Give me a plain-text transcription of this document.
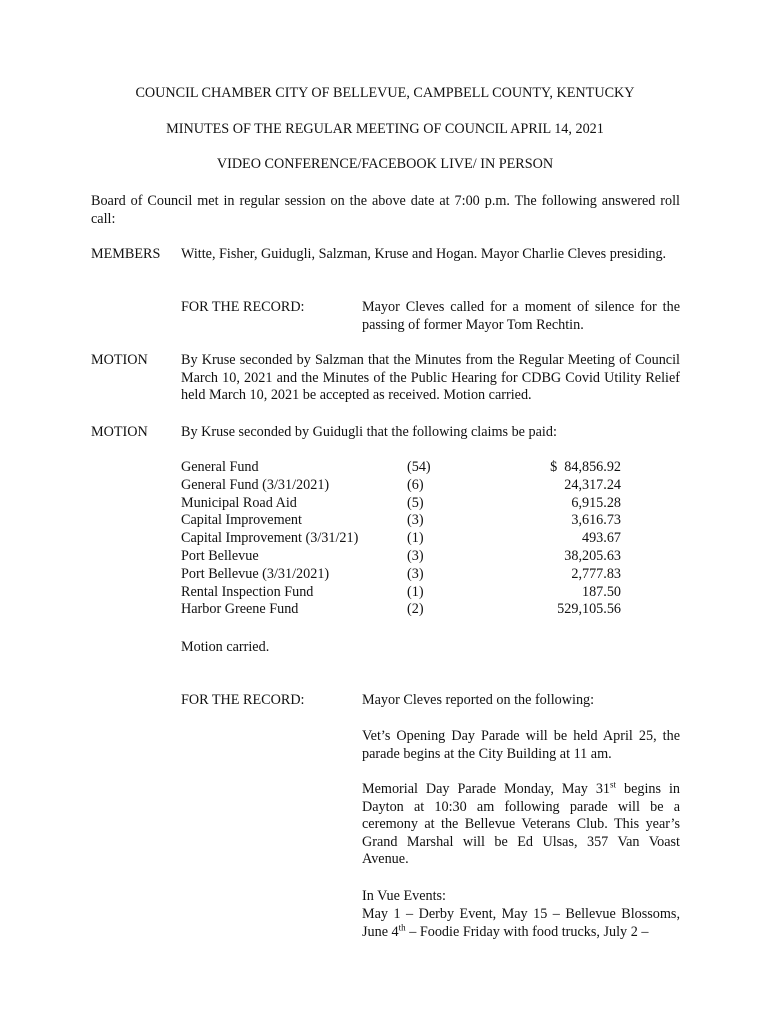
COUNCIL CHAMBER CITY OF BELLEVUE, CAMPBELL COUNTY, KENTUCKY
MINUTES OF THE REGULAR MEETING OF COUNCIL APRIL 14, 2021
VIDEO CONFERENCE/FACEBOOK LIVE/ IN PERSON
Board of Council met in regular session on the above date at 7:00 p.m. The following answered roll call:
MEMBERS Witte, Fisher, Guidugli, Salzman, Kruse and Hogan. Mayor Charlie Cleves presiding.
FOR THE RECORD:	Mayor Cleves called for a moment of silence for the passing of former Mayor Tom Rechtin.
MOTION By Kruse seconded by Salzman that the Minutes from the Regular Meeting of Council March 10, 2021 and the Minutes of the Public Hearing for CDBG Covid Utility Relief held March 10, 2021 be accepted as received. Motion carried.
MOTION By Kruse seconded by Guidugli that the following claims be paid:
General Fund	(54)	$  84,856.92
General Fund (3/31/2021)	(6)	24,317.24
Municipal Road Aid	(5)	6,915.28
Capital Improvement	(3)	3,616.73
Capital Improvement (3/31/21)	(1)	493.67
Port Bellevue	(3)	38,205.63
Port Bellevue (3/31/2021)	(3)	2,777.83
Rental Inspection Fund	(1)	187.50
Harbor Greene Fund	(2)	529,105.56
Motion carried.
FOR THE RECORD:	Mayor Cleves reported on the following:
Vet’s Opening Day Parade will be held April 25, the parade begins at the City Building at 11 am.
Memorial Day Parade Monday, May 31st begins in Dayton at 10:30 am following parade will be a ceremony at the Bellevue Veterans Club. This year’s Grand Marshal will be Ed Ulsas, 357 Van Voast Avenue.
In Vue Events:
May 1 – Derby Event, May 15 – Bellevue Blossoms, June 4th – Foodie Friday with food trucks, July 2 –
